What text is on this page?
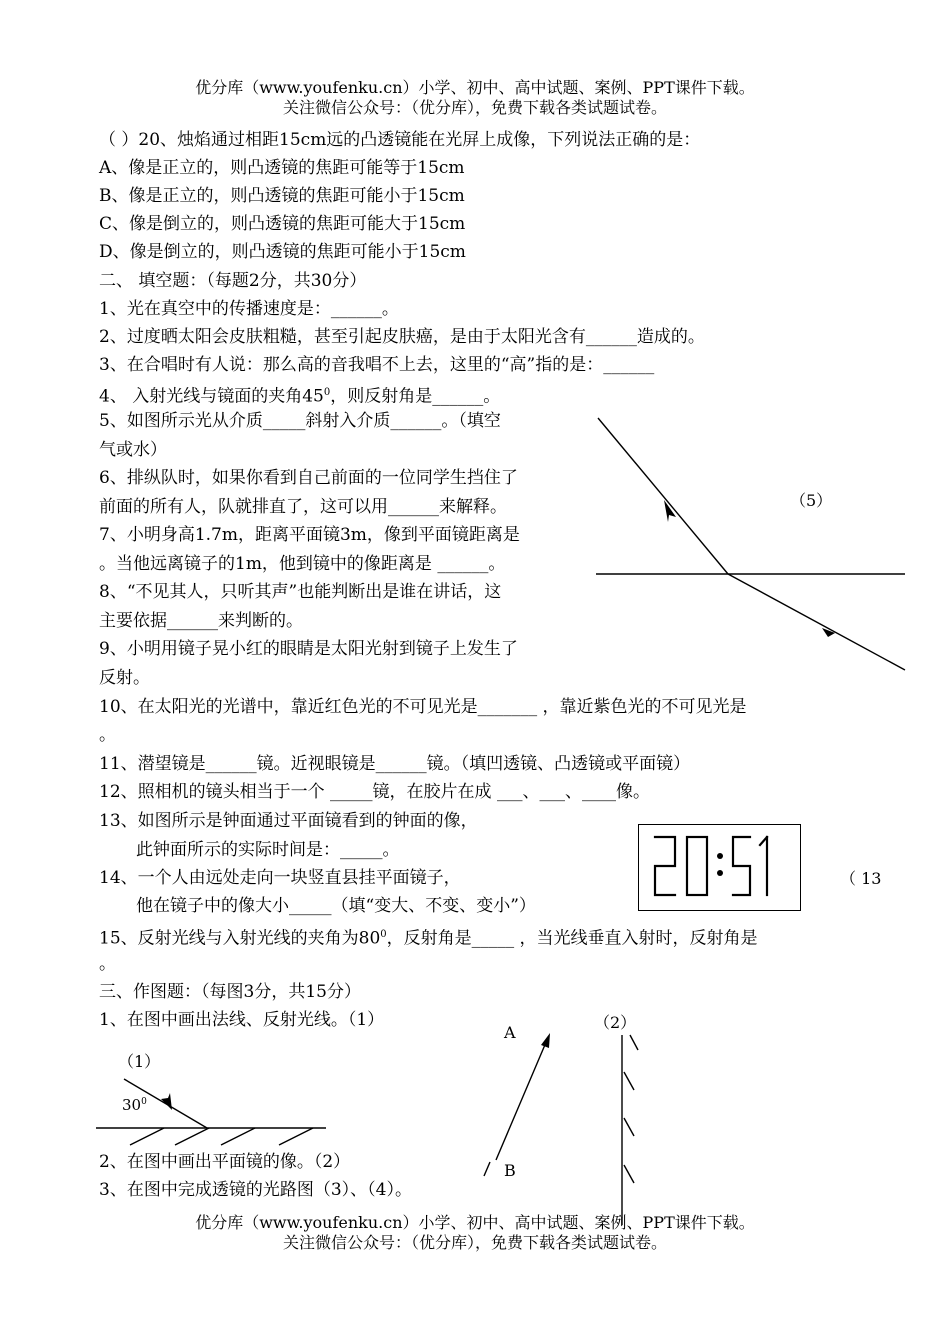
优分库（www.youfenku.cn）小学、初中、高中试题、案例、PPT课件下载。
关注微信公众号：（优分库），免费下载各类试题试卷。
（ ）20、烛焰通过相距15cm远的凸透镜能在光屏上成像，下列说法正确的是：
A、像是正立的，则凸透镜的焦距可能等于15cm
B、像是正立的，则凸透镜的焦距可能小于15cm
C、像是倒立的，则凸透镜的焦距可能大于15cm
D、像是倒立的，则凸透镜的焦距可能小于15cm
二、 填空题：（每题2分，共30分）
1、光在真空中的传播速度是：______。
2、过度晒太阳会皮肤粗糙，甚至引起皮肤癌，是由于太阳光含有______造成的。
3、在合唱时有人说：那么高的音我唱不上去，这里的“高”指的是：______
4、 入射光线与镜面的夹角$45^0$，则反射角是______。
5、如图所示光从介质_____斜射入介质______。（填空
气或水）
6、排纵队时，如果你看到自己前面的一位同学生挡住了
前面的所有人，队就排直了，这可以用______来解释。
7、小明身高1.7m，距离平面镜3m，像到平面镜距离是
。当他远离镜子的1m，他到镜中的像距离是 ______。
8、“不见其人，只听其声”也能判断出是谁在讲话，这
主要依据______来判断的。
9、小明用镜子晃小红的眼睛是太阳光射到镜子上发生了
反射。
10、在太阳光的光谱中，靠近红色光的不可见光是_______ ，靠近紫色光的不可见光是
。
11、潜望镜是______镜。近视眼镜是______镜。（填凹透镜、凸透镜或平面镜）
12、照相机的镜头相当于一个 _____镜，在胶片在成 ___、___、____像。
13、如图所示是钟面通过平面镜看到的钟面的像，
此钟面所示的实际时间是：_____。
14、一个人由远处走向一块竖直县挂平面镜子，
他在镜子中的像大小_____（填“变大、不变、变小”）
15、反射光线与入射光线的夹角为$80^0$，反射角是_____ ，当光线垂直入射时，反射角是
。
三、作图题：（每图3分，共15分）
1、在图中画出法线、反射光线。（1）
2、在图中画出平面镜的像。（2）
3、在图中完成透镜的光路图（3）、（4）。
优分库（www.youfenku.cn）小学、初中、高中试题、案例、PPT课件下载。
关注微信公众号：（优分库），免费下载各类试题试卷。
（5）
（ 13
（1）
$30^0$
（2）
A
B
